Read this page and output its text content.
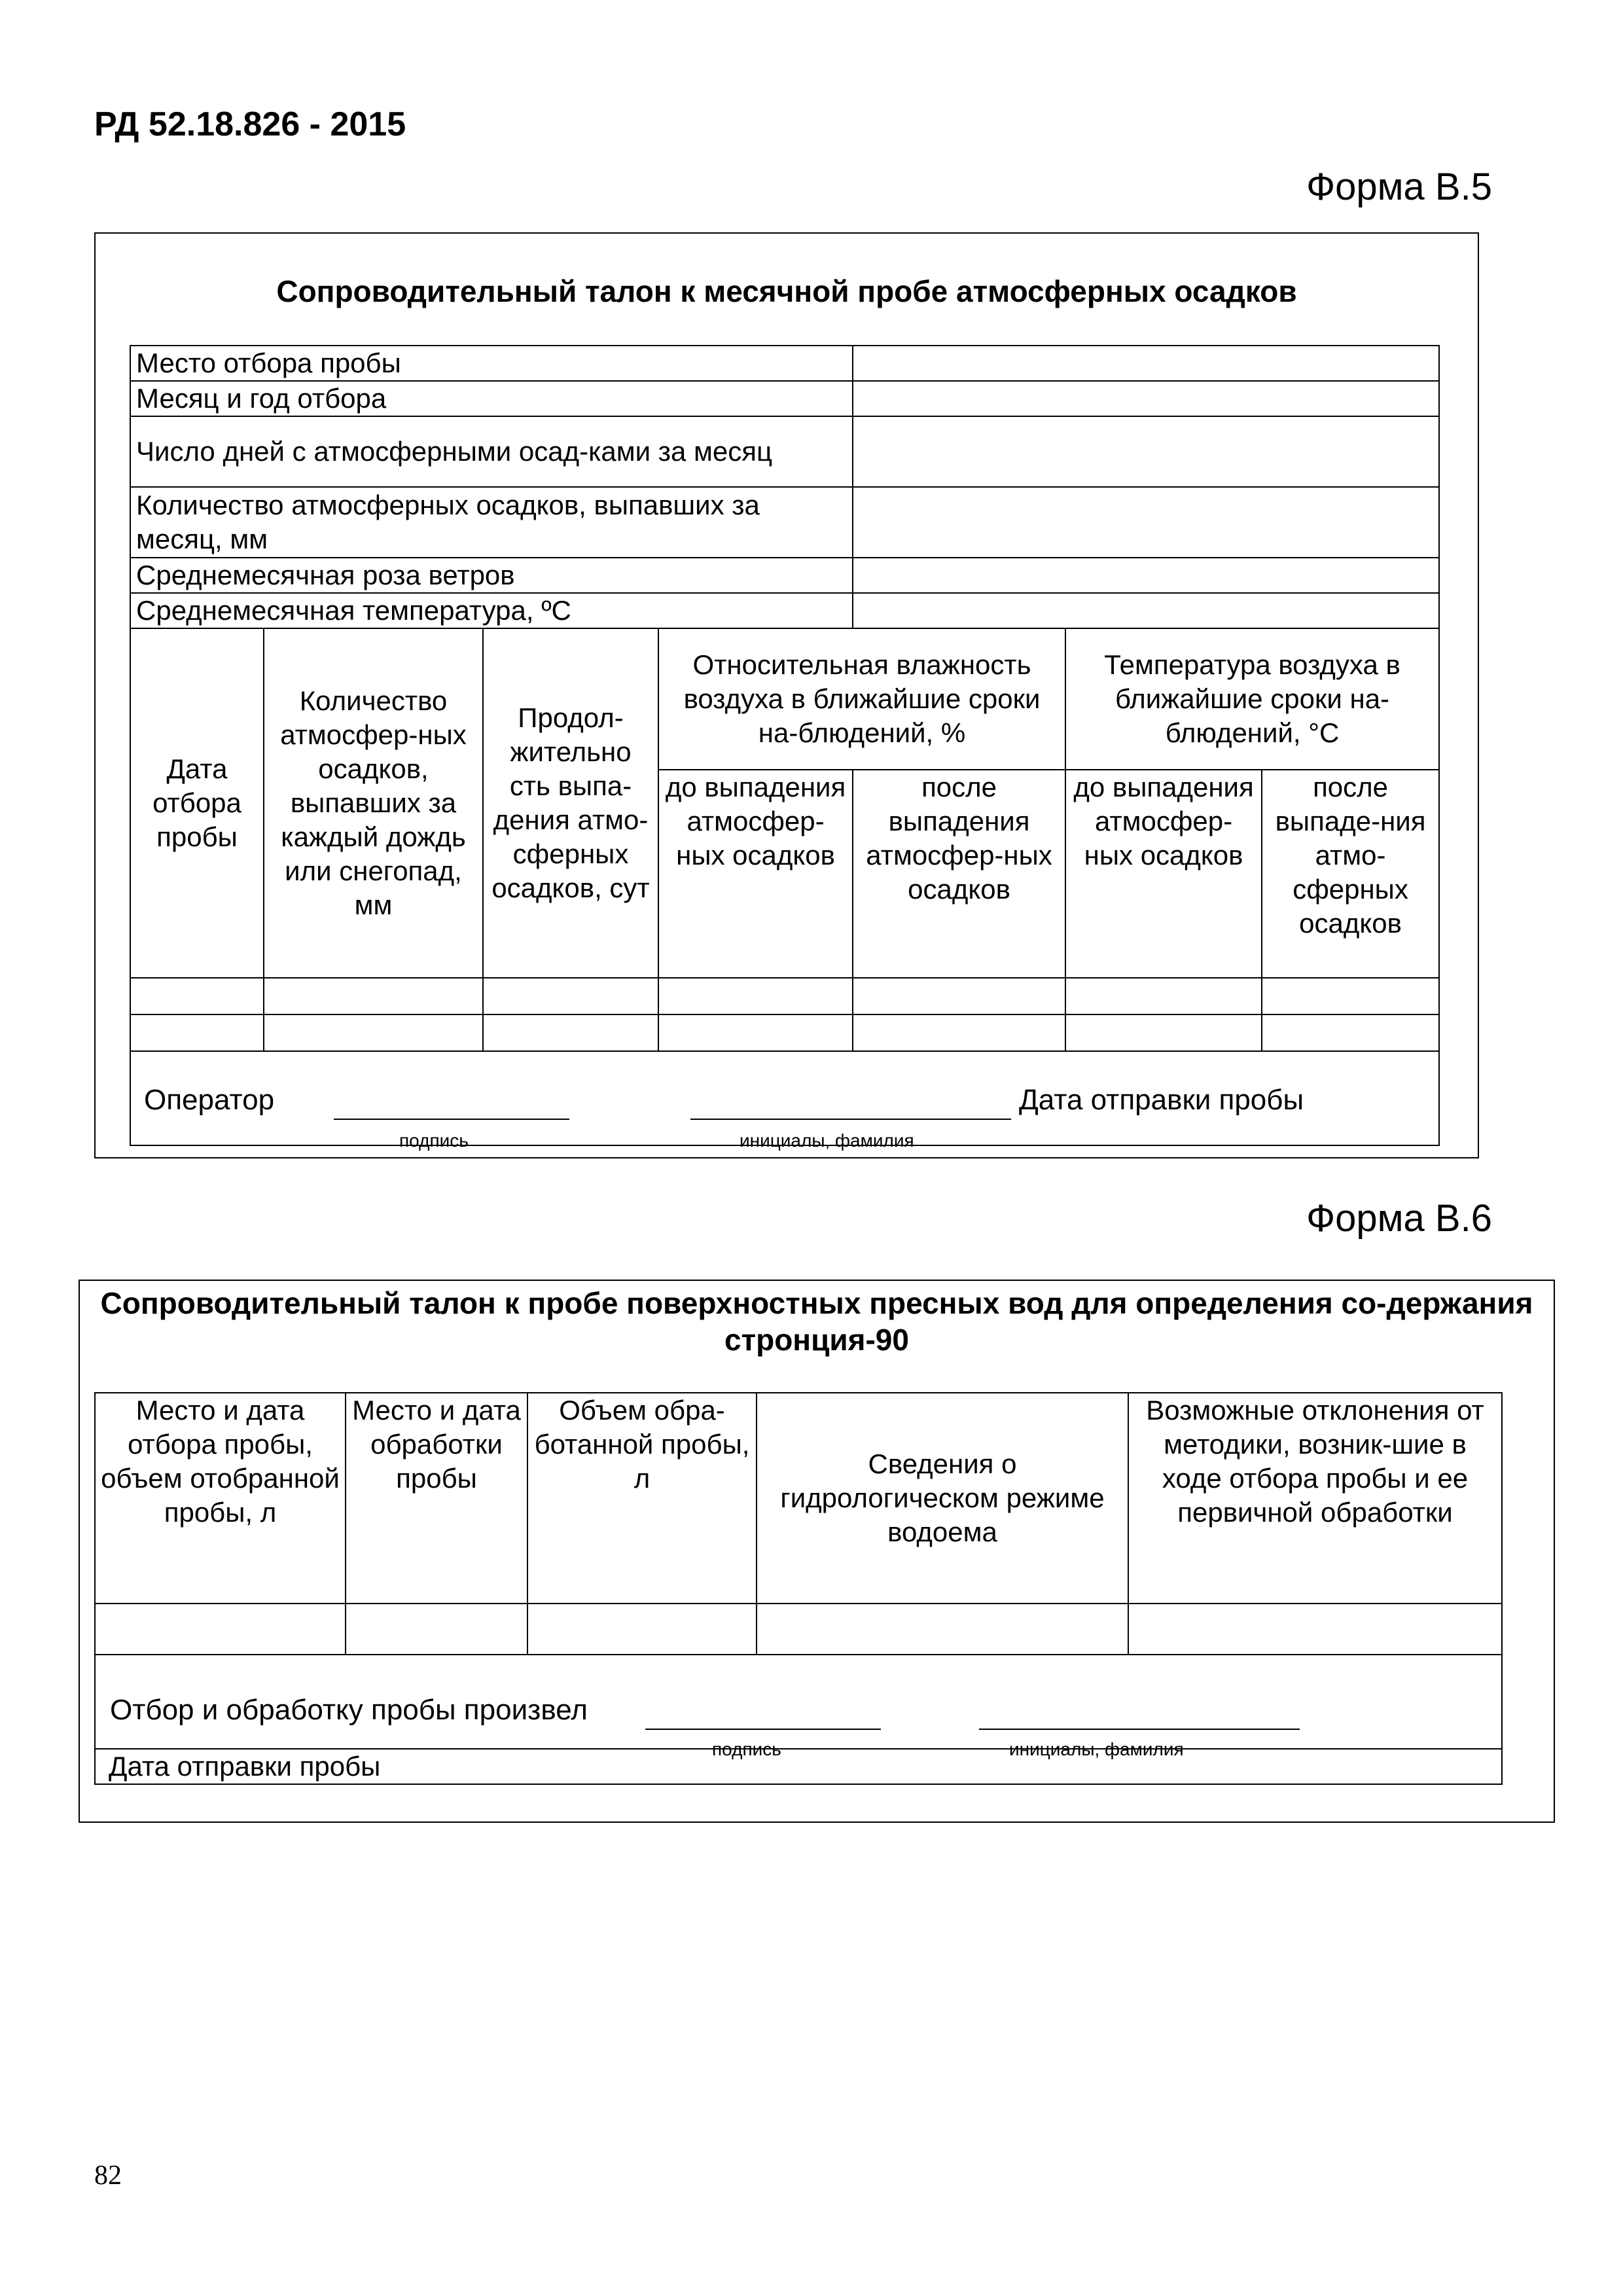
РД 52.18.826 - 2015
Форма В.5
Сопроводительный талон к месячной пробе атмосферных осадков
Место отбора пробы						
Месяц и год отбора						
Число дней с атмосферными осад-ками за месяц						
Количество атмосферных осадков, выпавших за месяц, мм						
Среднемесячная роза ветров						
Среднемесячная температура, ºС						
Дата отбора пробы	Количество атмосфер-ных осадков, выпавших за каждый дождь или снегопад, мм	Продол-жительно сть выпа-дения атмо-сферных осадков, сут	Относительная влажность воздуха в ближайшие сроки на-блюдений, %		Температура воздуха в ближайшие сроки на-блюдений, °С	
			до выпадения атмосфер-ных осадков	после выпадения атмосфер-ных осадков	до выпадения атмосфер-ных осадков	после выпаде-ния атмо-сферных осадков

Оператор Дата отправки пробы
подпись инициалы, фамилия						
Форма В.6
Сопроводительный талон к пробе поверхностных пресных вод для определения со-держания стронция-90
Место и дата отбора пробы, объем отобранной пробы, л	Место и дата обработки пробы	Объем обра-ботанной пробы, л	Сведения о гидрологическом режиме водоема	Возможные отклонения от методики, возник-шие в ходе отбора пробы и ее первичной обработки

Отбор и обработку пробы произвел
подпись инициалы, фамилия				

Дата отправки пробы				
82
